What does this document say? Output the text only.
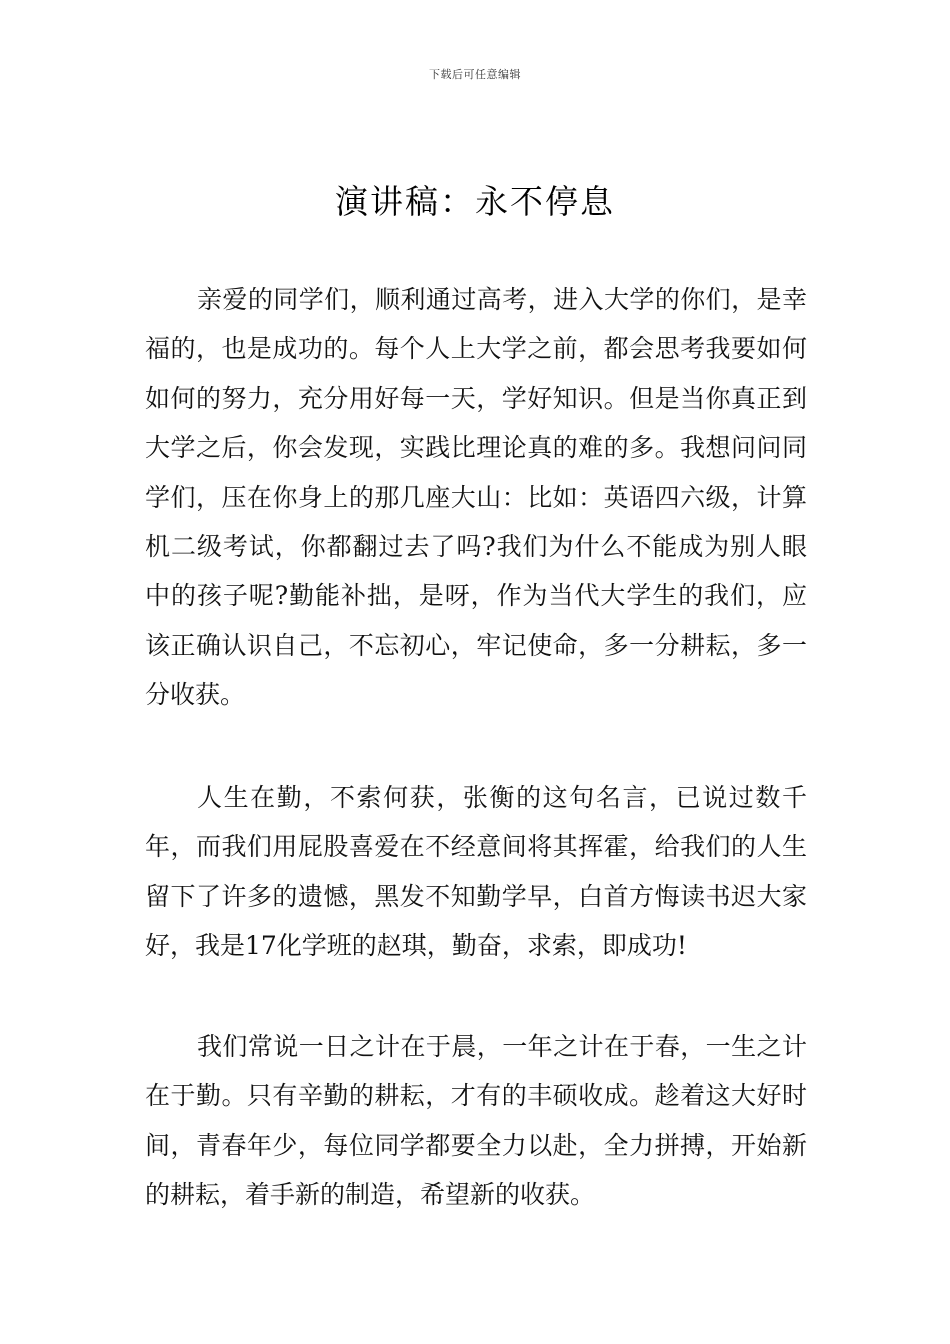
下载后可任意编辑
演讲稿：永不停息

亲爱的同学们，顺利通过高考，进入大学的你们，是幸福的，也是成功的。每个人上大学之前，都会思考我要如何如何的努力，充分用好每一天，学好知识。但是当你真正到大学之后，你会发现，实践比理论真的难的多。我想问问同学们，压在你身上的那几座大山：比如：英语四六级，计算机二级考试，你都翻过去了吗?我们为什么不能成为别人眼中的孩子呢?勤能补拙，是呀，作为当代大学生的我们，应该正确认识自己，不忘初心，牢记使命，多一分耕耘，多一分收获。

人生在勤，不索何获，张衡的这句名言，已说过数千年，而我们用屁股喜爱在不经意间将其挥霍，给我们的人生留下了许多的遗憾，黑发不知勤学早，白首方悔读书迟大家好，我是17化学班的赵琪，勤奋，求索，即成功!

我们常说一日之计在于晨，一年之计在于春，一生之计在于勤。只有辛勤的耕耘，才有的丰硕收成。趁着这大好时间，青春年少，每位同学都要全力以赴，全力拼搏，开始新的耕耘，着手新的制造，希望新的收获。
